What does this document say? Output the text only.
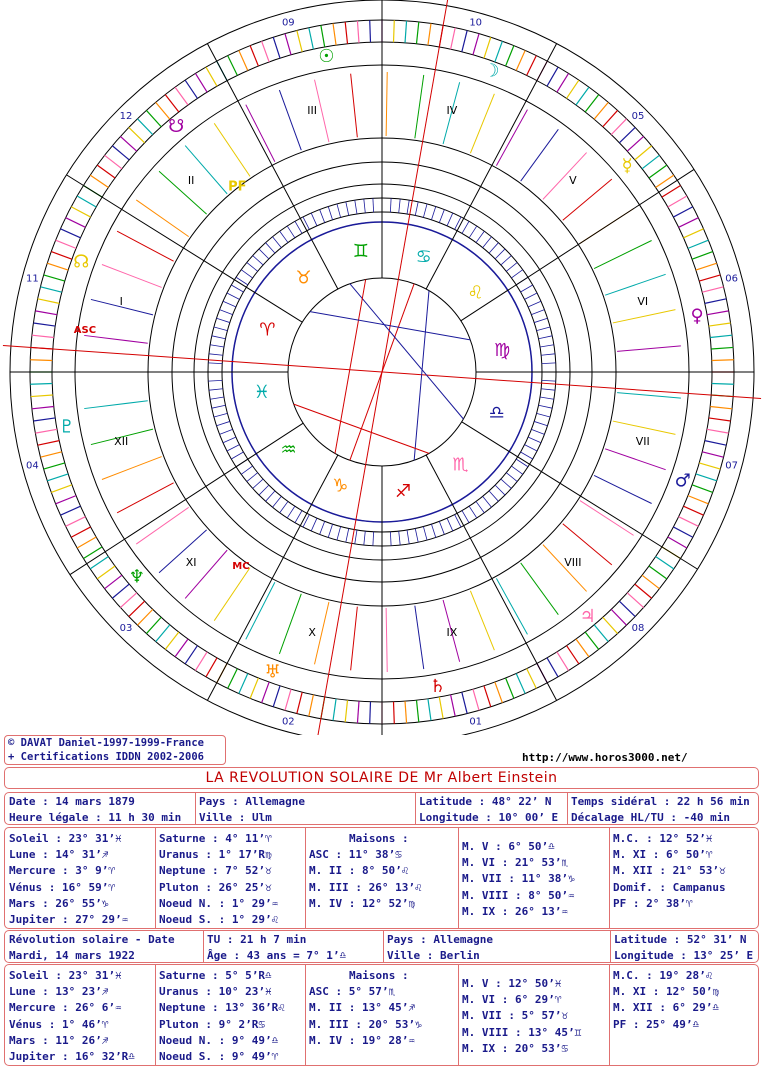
09	10
05
06
07
08
01
02
03
04
11
12
I
II
III	IV
V
VI
VII
VIII
IX
X
XI
XII
♈
♉
♊	♋
♌
♍
♎
♏
♐
♑
♒
♓
☉
☽
☿
♀
♂
♃
♄
♅
♆
♇
☊
☋
ASC
MC
PF
© DAVAT Daniel-1997-1999-France
+ Certifications IDDN 2002-2006	http://www.horos3000.net/
LA REVOLUTION SOLAIRE DE Mr Albert Einstein
Date : 14 mars 1879
Heure légale : 11 h 30 min
Pays : Allemagne
Ville : Ulm
Latitude : 48° 22’ N
Longitude : 10° 00’ E
Temps sidéral : 22 h 56 min
Décalage HL/TU : -40 min
Soleil : 23° 31’♓
Lune : 14° 31’♐
Mercure : 3° 9’♈
Vénus : 16° 59’♈
Mars : 26° 55’♑
Jupiter : 27° 29’♒
Saturne : 4° 11’♈
Uranus : 1° 17’R♍
Neptune : 7° 52’♉
Pluton : 26° 25’♉
Noeud N. : 1° 29’♒
Noeud S. : 1° 29’♌
Maisons :
ASC : 11° 38’♋
M. II : 8° 50’♌
M. III : 26° 13’♌
M. IV : 12° 52’♍
M. V : 6° 50’♎
M. VI : 21° 53’♏
M. VII : 11° 38’♑
M. VIII : 8° 50’♒
M. IX : 26° 13’♒
M.C. : 12° 52’♓
M. XI : 6° 50’♈
M. XII : 21° 53’♉
Domif. : Campanus
PF : 2° 38’♈
Révolution solaire - Date
Mardi, 14 mars 1922
TU : 21 h 7 min
Âge : 43 ans = 7° 1’♎
Pays : Allemagne
Ville : Berlin
Latitude : 52° 31’ N
Longitude : 13° 25’ E
Soleil : 23° 31’♓
Lune : 13° 23’♐
Mercure : 26° 6’♒
Vénus : 1° 46’♈
Mars : 11° 26’♐
Jupiter : 16° 32’R♎
Saturne : 5° 5’R♎
Uranus : 10° 23’♓
Neptune : 13° 36’R♌
Pluton : 9° 2’R♋
Noeud N. : 9° 49’♎
Noeud S. : 9° 49’♈
Maisons :
ASC : 5° 57’♏
M. II : 13° 45’♐
M. III : 20° 53’♑
M. IV : 19° 28’♒
M. V : 12° 50’♓
M. VI : 6° 29’♈
M. VII : 5° 57’♉
M. VIII : 13° 45’♊
M. IX : 20° 53’♋
M.C. : 19° 28’♌
M. XI : 12° 50’♍
M. XII : 6° 29’♎
PF : 25° 49’♎
